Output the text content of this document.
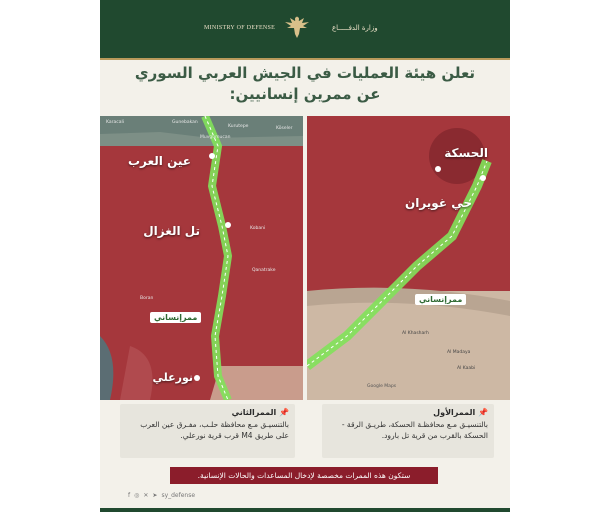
MINISTRY OF DEFENSE	وزارة الدفـــــاع
تعلن هيئة العمليات في الجيش العربي السوري
عن ممرين إنسانيين:
Karacali	Gunebakan
Kurutepe	Köseler
Muvgumucan
Kobani
Qanatrake
Boran
عين العرب
تل الغزال
نورعلي
ممرإنساني
Google Maps
Al Madaya
Al Kaabi
Al Khasharh
الحسكة
حي غويران
ممرإنساني
📌 الممرالثاني
بالتنسيـق مـع محافظة حلـب، مفـرق عين العرب على طريق M4 قرب قرية نورعلي.
📌 الممرالأول
بالتنسيـق مـع محافظـة الحسكة، طريـق الرقة - الحسكة بالقرب من قرية تل بارود.
ستكون هذه الممرات مخصصة لإدخال المساعدات والحالات الإنسانية.
f ◎ ✕ ➤ sy_defense
